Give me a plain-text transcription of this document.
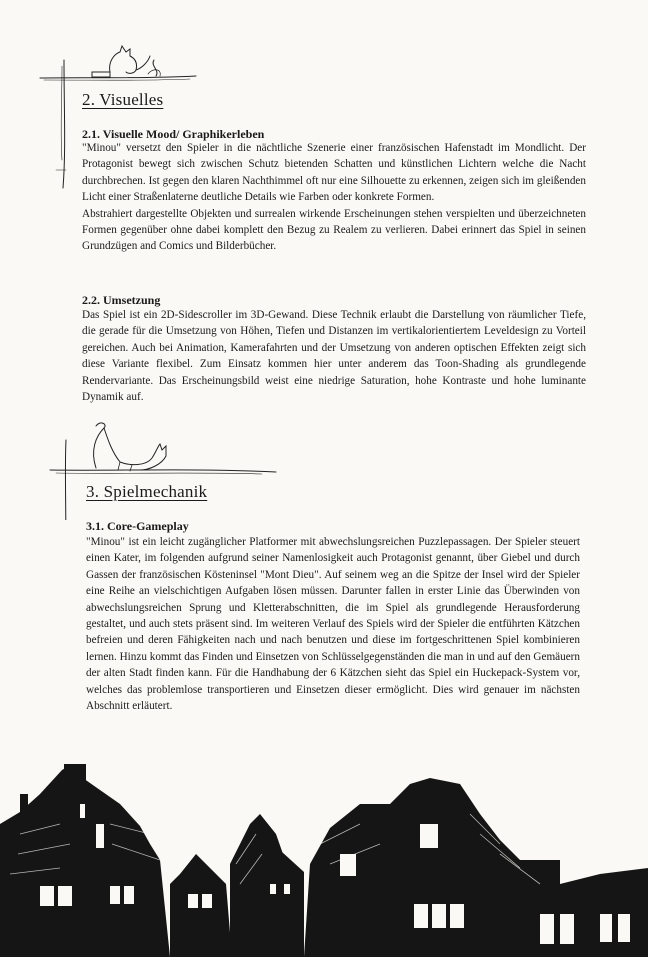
2. Visuelles
2.1. Visuelle Mood/ Graphikerleben
"Minou" versetzt den Spieler in die nächtliche Szenerie einer französischen Hafenstadt im Mondlicht. Der Protagonist bewegt sich zwischen Schutz bietenden Schatten und künstlichen Lichtern welche die Nacht durchbrechen. Ist gegen den klaren Nachthimmel oft nur eine Silhouette zu erkennen, zeigen sich im gleißenden Licht einer Straßenlaterne deutliche Details wie Farben oder konkrete Formen.
Abstrahiert dargestellte Objekten und surrealen wirkende Erscheinungen stehen verspielten und überzeichneten Formen gegenüber ohne dabei komplett den Bezug zu Realem zu verlieren. Dabei erinnert das Spiel in seinen Grundzügen and Comics und Bilderbücher.
2.2. Umsetzung
Das Spiel ist ein 2D-Sidescroller im 3D-Gewand. Diese Technik erlaubt die Darstellung von räumlicher Tiefe, die gerade für die Umsetzung von Höhen, Tiefen und Distanzen im vertikalorientiertem Leveldesign zu Vorteil gereichen. Auch bei Animation, Kamerafahrten und der Umsetzung von anderen optischen Effekten zeigt sich diese Variante flexibel. Zum Einsatz kommen hier unter anderem das Toon-Shading als grundlegende Rendervariante. Das Erscheinungsbild weist eine niedrige Saturation, hohe Kontraste und hohe luminante Dynamik auf.
3. Spielmechanik
3.1. Core-Gameplay
"Minou" ist ein leicht zugänglicher Platformer mit abwechslungsreichen Puzzlepassagen. Der Spieler steuert einen Kater, im folgenden aufgrund seiner Namenlosigkeit auch Protagonist genannt, über Giebel und durch Gassen der französischen Kösteninsel "Mont Dieu". Auf seinem weg an die Spitze der Insel wird der Spieler eine Reihe an vielschichtigen Aufgaben lösen müssen. Darunter fallen in erster Linie das Überwinden von abwechslungsreichen Sprung und Kletterabschnitten, die im Spiel als grundlegende Herausforderung gestaltet, und auch stets präsent sind. Im weiteren Verlauf des Spiels wird der Spieler die entführten Kätzchen befreien und deren Fähigkeiten nach und nach benutzen und diese im fortgeschrittenen Spiel kombinieren lernen. Hinzu kommt das Finden und Einsetzen von Schlüsselgegenständen die man in und auf den Gemäuern der alten Stadt finden kann. Für die Handhabung der 6 Kätzchen sieht das Spiel ein Huckepack-System vor, welches das problemlose transportieren und Einsetzen dieser ermöglicht. Dies wird genauer im nächsten Abschnitt erläutert.
